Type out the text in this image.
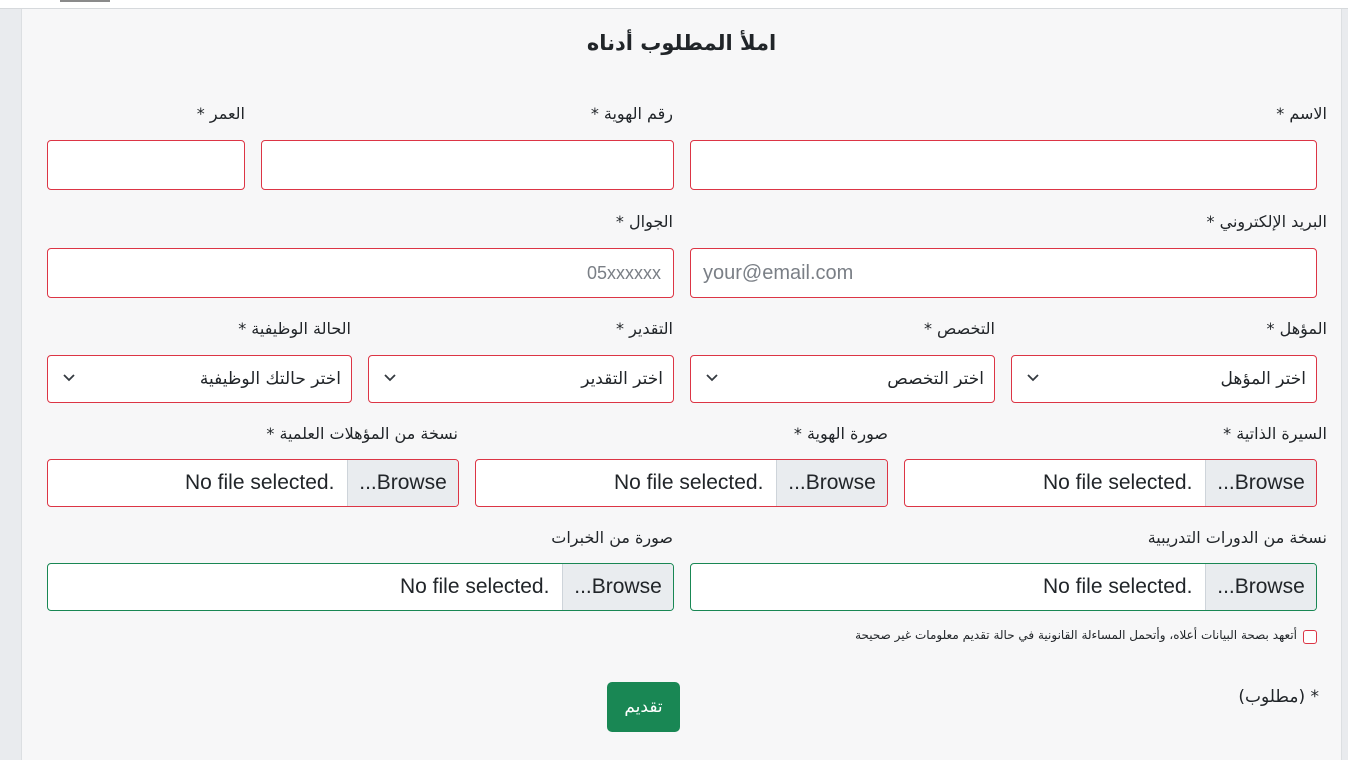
املأ المطلوب أدناه
الاسم *
رقم الهوية *
العمر *
البريد الإلكتروني *
your@email.com
الجوال *
05xxxxxx
المؤهل *
اختر المؤهل
التخصص *
اختر التخصص
التقدير *
اختر التقدير
الحالة الوظيفية *
اختر حالتك الوظيفية
السيرة الذاتية *
No file selected.	Browse...
صورة الهوية *
No file selected.	Browse...
نسخة من المؤهلات العلمية *
No file selected.	Browse...
نسخة من الدورات التدريبية
No file selected.	Browse...
صورة من الخبرات
No file selected.	Browse...
أتعهد بصحة البيانات أعلاه، وأتحمل المساءلة القانونية في حالة تقديم معلومات غير صحيحة
تقديم	* (مطلوب)
